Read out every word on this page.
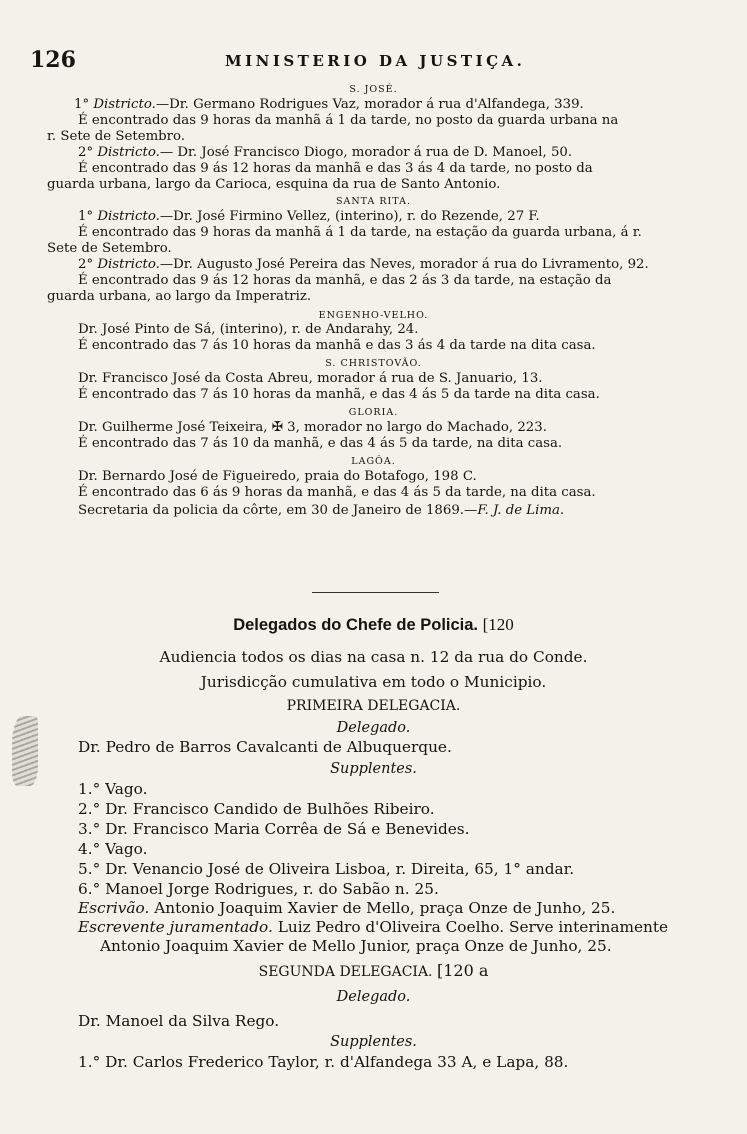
126	MINISTERIO DA JUSTIÇA.
S. JOSÉ.
1° Districto.—Dr. Germano Rodrigues Vaz, morador á rua d'Alfandega, 339.
É encontrado das 9 horas da manhã á 1 da tarde, no posto da guarda urbana na
r. Sete de Setembro.
2° Districto.— Dr. José Francisco Diogo, morador á rua de D. Manoel, 50.
É encontrado das 9 ás 12 horas da manhã e das 3 ás 4 da tarde, no posto da
guarda urbana, largo da Carioca, esquina da rua de Santo Antonio.
SANTA RITA.
1° Districto.—Dr. José Firmino Vellez, (interino), r. do Rezende, 27 F.
É encontrado das 9 horas da manhã á 1 da tarde, na estação da guarda urbana, á r.
Sete de Setembro.
2° Districto.—Dr. Augusto José Pereira das Neves, morador á rua do Livramento, 92.
É encontrado das 9 ás 12 horas da manhã, e das 2 ás 3 da tarde, na estação da
guarda urbana, ao largo da Imperatriz.
ENGENHO-VELHO.
Dr. José Pinto de Sá, (interino), r. de Andarahy, 24.
É encontrado das 7 ás 10 horas da manhã e das 3 ás 4 da tarde na dita casa.
S. CHRISTOVÃO.
Dr. Francisco José da Costa Abreu, morador á rua de S. Januario, 13.
É encontrado das 7 ás 10 horas da manhã, e das 4 ás 5 da tarde na dita casa.
GLORIA.
Dr. Guilherme José Teixeira, ✠ 3, morador no largo do Machado, 223.
É encontrado das 7 ás 10 da manhã, e das 4 ás 5 da tarde, na dita casa.
LAGÔA.
Dr. Bernardo José de Figueiredo, praia do Botafogo, 198 C.
É encontrado das 6 ás 9 horas da manhã, e das 4 ás 5 da tarde, na dita casa.
Secretaria da policia da côrte, em 30 de Janeiro de 1869.—F. J. de Lima.
Delegados do Chefe de Policia. [120
Audiencia todos os dias na casa n. 12 da rua do Conde.
Jurisdicção cumulativa em todo o Municipio.
PRIMEIRA DELEGACIA.
Delegado.
Dr. Pedro de Barros Cavalcanti de Albuquerque.
Supplentes.
1.° Vago.
2.° Dr. Francisco Candido de Bulhões Ribeiro.
3.° Dr. Francisco Maria Corrêa de Sá e Benevides.
4.° Vago.
5.° Dr. Venancio José de Oliveira Lisboa, r. Direita, 65, 1° andar.
6.° Manoel Jorge Rodrigues, r. do Sabão n. 25.
Escrivão. Antonio Joaquim Xavier de Mello, praça Onze de Junho, 25.
Escrevente juramentado. Luiz Pedro d'Oliveira Coelho. Serve interinamente
Antonio Joaquim Xavier de Mello Junior, praça Onze de Junho, 25.
SEGUNDA DELEGACIA. [120 a
Delegado.
Dr. Manoel da Silva Rego.
Supplentes.
1.° Dr. Carlos Frederico Taylor, r. d'Alfandega 33 A, e Lapa, 88.
